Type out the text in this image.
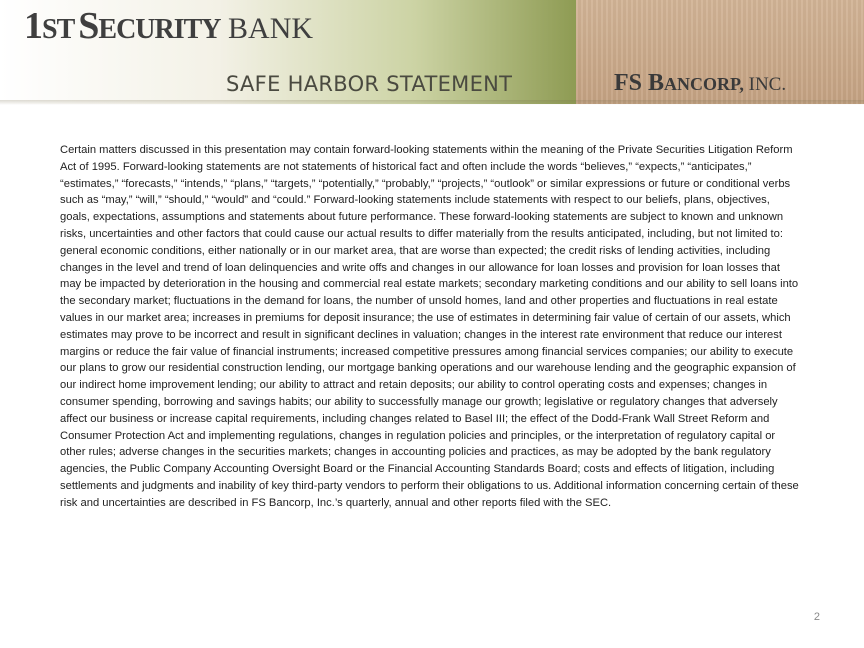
1ST SECURITY BANK
SAFE HARBOR STATEMENT	FS BANCORP, INC.

Certain matters discussed in this presentation may contain forward-looking statements within the meaning of the Private Securities Litigation Reform Act of 1995. Forward-looking statements are not statements of historical fact and often include the words “believes,” “expects,” “anticipates,” “estimates,” “forecasts,” “intends,” “plans,” “targets,” “potentially,” “probably,” “projects,” “outlook” or similar expressions or future or conditional verbs such as “may,” “will,” “should,” “would” and “could.” Forward-looking statements include statements with respect to our beliefs, plans, objectives, goals, expectations, assumptions and statements about future performance. These forward-looking statements are subject to known and unknown risks, uncertainties and other factors that could cause our actual results to differ materially from the results anticipated, including, but not limited to: general economic conditions, either nationally or in our market area, that are worse than expected; the credit risks of lending activities, including changes in the level and trend of loan delinquencies and write offs and changes in our allowance for loan losses and provision for loan losses that may be impacted by deterioration in the housing and commercial real estate markets; secondary marketing conditions and our ability to sell loans into the secondary market; fluctuations in the demand for loans, the number of unsold homes, land and other properties and fluctuations in real estate values in our market area; increases in premiums for deposit insurance; the use of estimates in determining fair value of certain of our assets, which estimates may prove to be incorrect and result in significant declines in valuation; changes in the interest rate environment that reduce our interest margins or reduce the fair value of financial instruments; increased competitive pressures among financial services companies; our ability to execute our plans to grow our residential construction lending, our mortgage banking operations and our warehouse lending and the geographic expansion of our indirect home improvement lending; our ability to attract and retain deposits; our ability to control operating costs and expenses; changes in consumer spending, borrowing and savings habits; our ability to successfully manage our growth; legislative or regulatory changes that adversely affect our business or increase capital requirements, including changes related to Basel III; the effect of the Dodd-Frank Wall Street Reform and Consumer Protection Act and implementing regulations, changes in regulation policies and principles, or the interpretation of regulatory capital or other rules; adverse changes in the securities markets; changes in accounting policies and practices, as may be adopted by the bank regulatory agencies, the Public Company Accounting Oversight Board or the Financial Accounting Standards Board; costs and effects of litigation, including settlements and judgments and inability of key third-party vendors to perform their obligations to us. Additional information concerning certain of these risk and uncertainties are described in FS Bancorp, Inc.’s quarterly, annual and other reports filed with the SEC.

2
